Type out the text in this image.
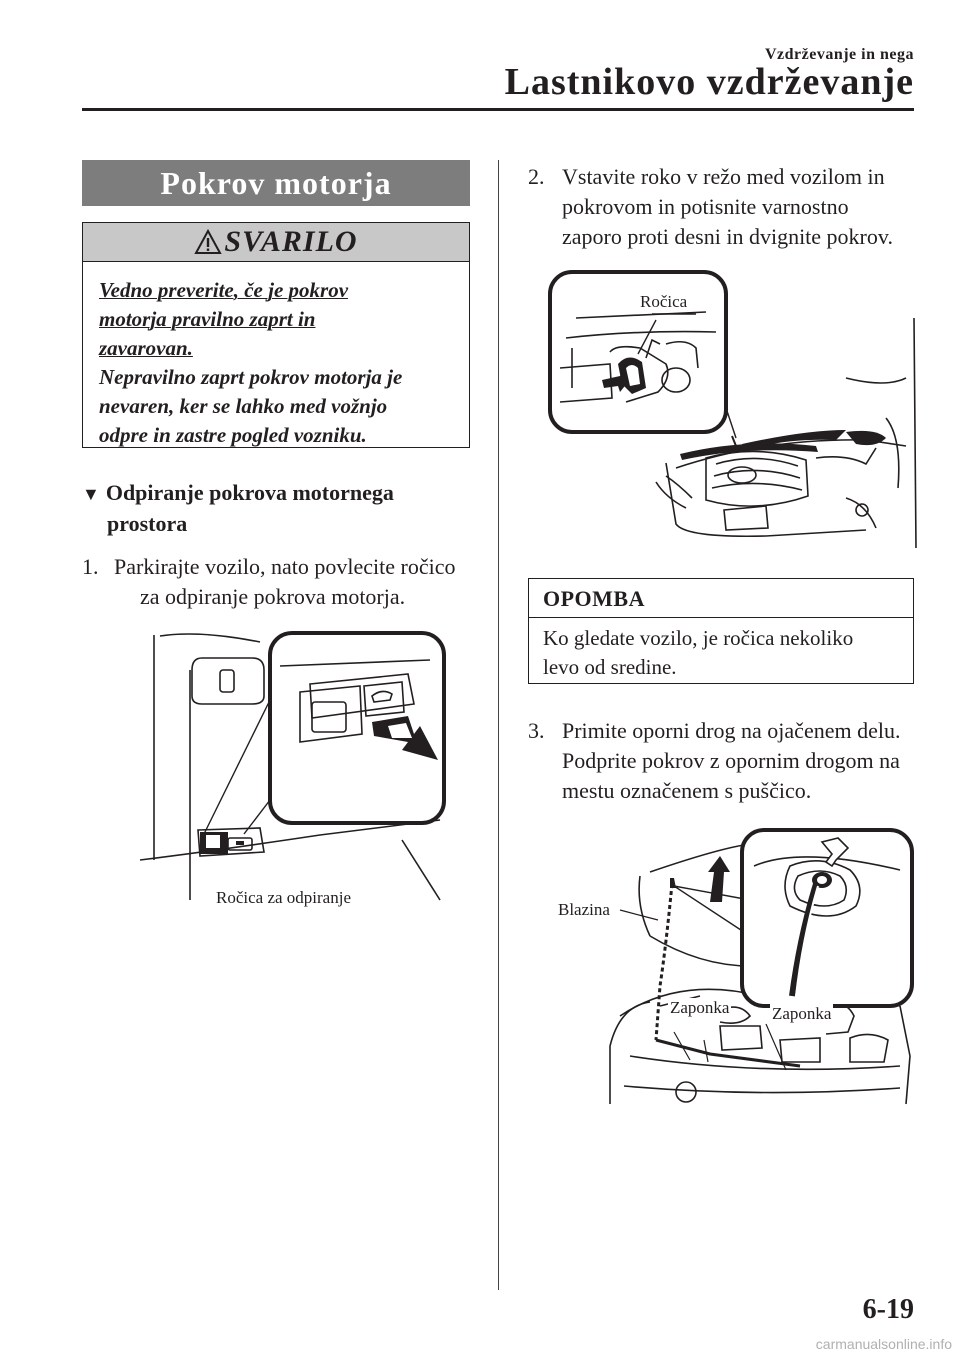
Vzdrževanje in nega
Lastnikovo vzdrževanje
Pokrov motorja
SVARILO
Vedno preverite, če je pokrov
motorja pravilno zaprt in
zavarovan.
Nepravilno zaprt pokrov motorja je
nevaren, ker se lahko med vožnjo
odpre in zastre pogled vozniku.
▼ Odpiranje pokrova motornega
prostora
1. Parkirajte vozilo, nato povlecite ročico
za odpiranje pokrova motorja.
Ročica za odpiranje
2. Vstavite roko v režo med vozilom in
pokrovom in potisnite varnostno
zaporo proti desni in dvignite pokrov.
Ročica
OPOMBA
Ko gledate vozilo, je ročica nekoliko
levo od sredine.
3. Primite oporni drog na ojačenem delu.
Podprite pokrov z opornim drogom na
mestu označenem s puščico.
Blazina
Zaponka	Zaponka
6-19
carmanualsonline.info
